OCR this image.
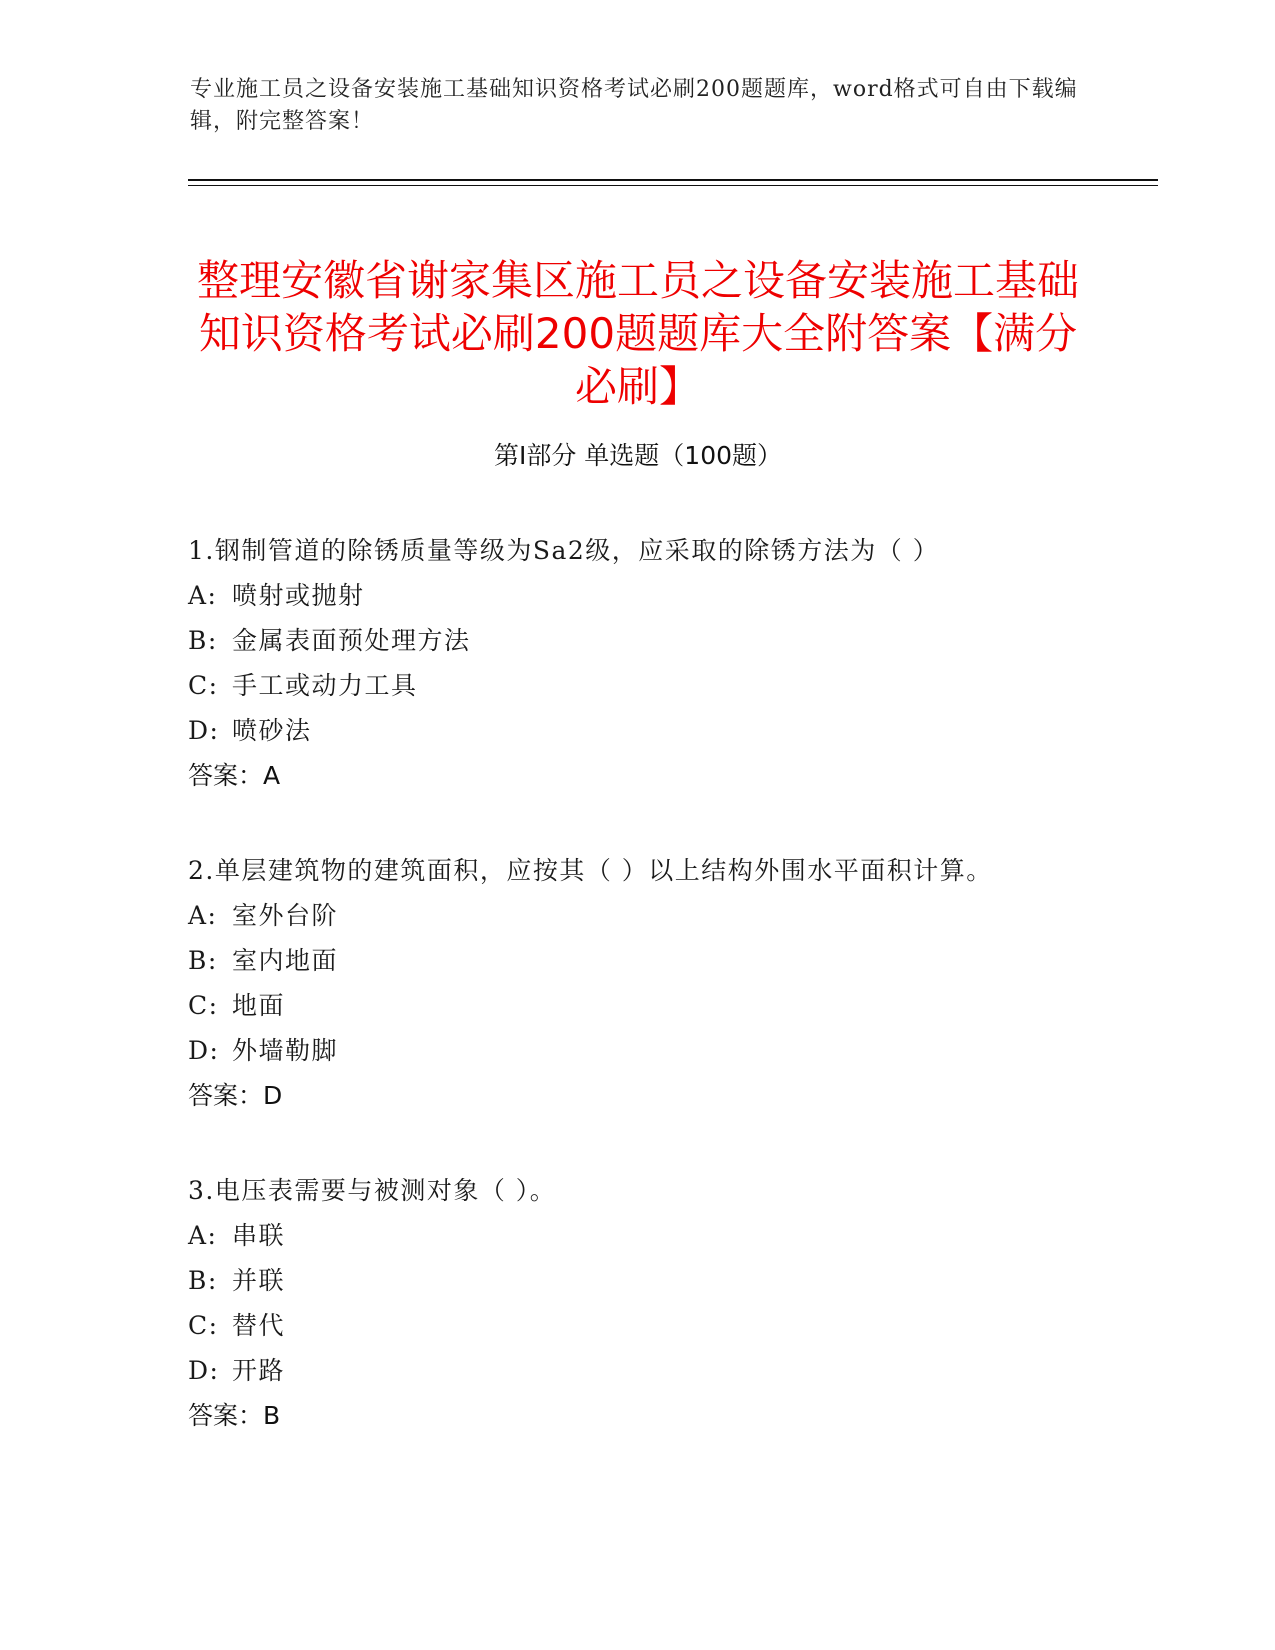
专业施工员之设备安装施工基础知识资格考试必刷200题题库，word格式可自由下载编辑，附完整答案！
整理安徽省谢家集区施工员之设备安装施工基础知识资格考试必刷200题题库大全附答案【满分必刷】
第Ⅰ部分 单选题（100题）
1.钢制管道的除锈质量等级为Sa2级，应采取的除锈方法为（ ）
A: 喷射或抛射
B: 金属表面预处理方法
C: 手工或动力工具
D: 喷砂法
答案：A
2.单层建筑物的建筑面积，应按其（ ）以上结构外围水平面积计算。
A: 室外台阶
B: 室内地面
C: 地面
D: 外墙勒脚
答案：D
3.电压表需要与被测对象（ ）。
A: 串联
B: 并联
C: 替代
D: 开路
答案：B
